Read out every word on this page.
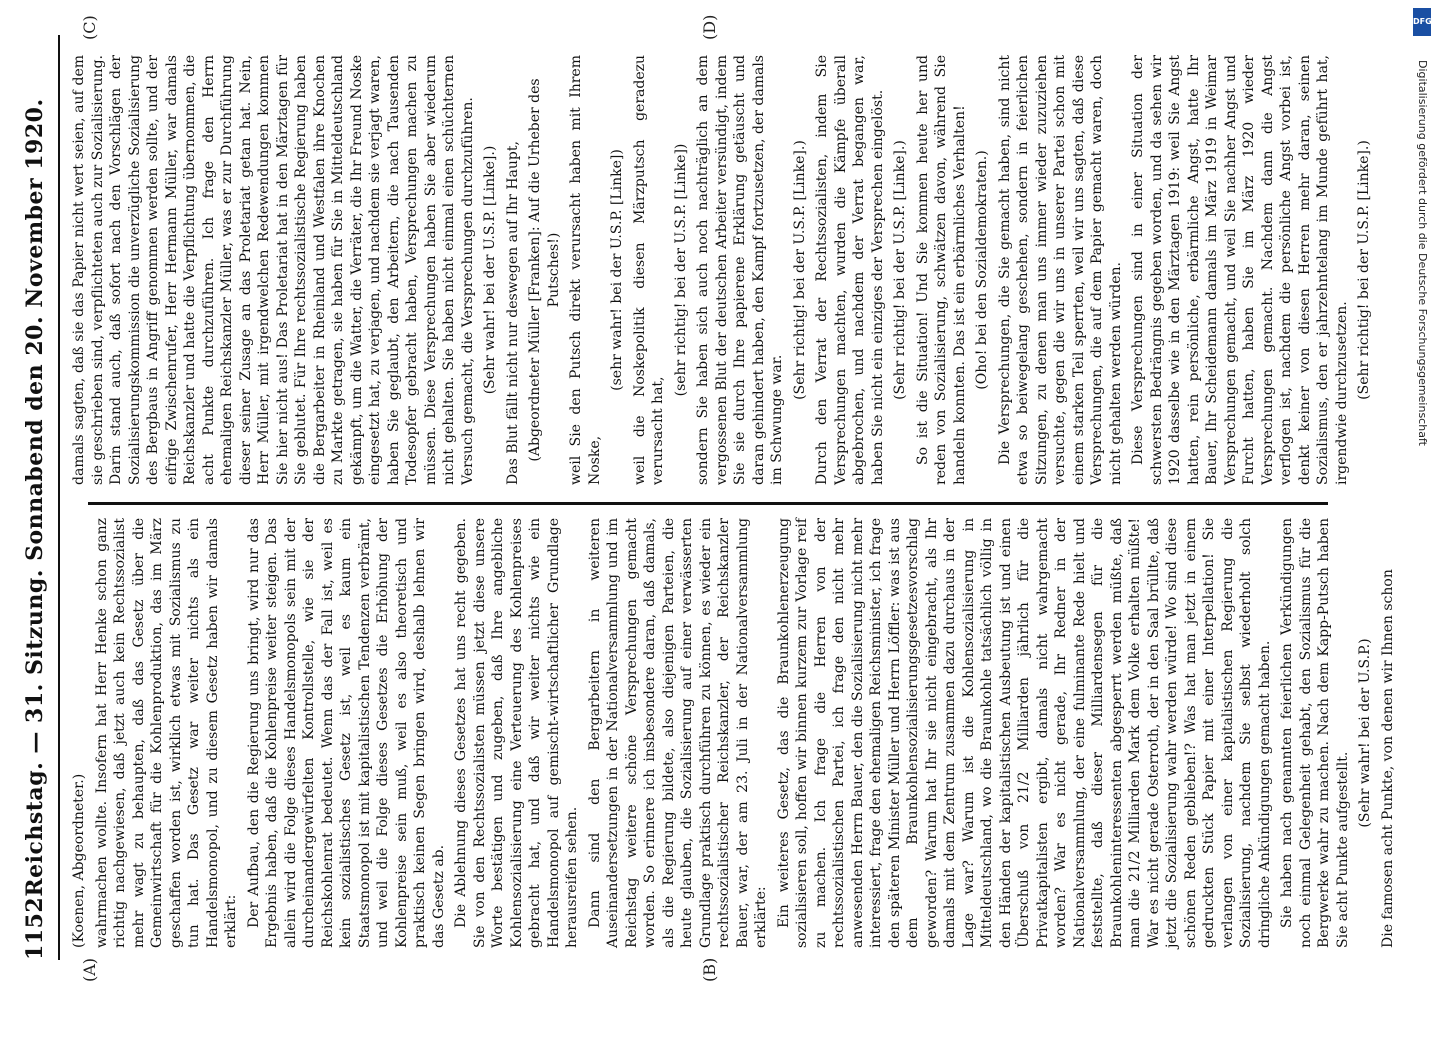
1152
Reichstag. — 31. Sitzung. Sonnabend den 20. November 1920.
(A)	(B)
(C)	(D)

(Koenen, Abgeordneter.) wahrmachen wollte. Insofern hat Herr Henke schon ganz richtig nachgewiesen, daß jetzt auch kein Rechtssozialist mehr wagt zu behaupten, daß das Gesetz über die Gemeinwirtschaft für die Kohlenproduktion, das im März geschaffen worden ist, wirklich etwas mit Sozialismus zu tun hat. Das Gesetz war weiter nichts als ein Handelsmonopol, und zu diesem Gesetz haben wir damals erklärt: Der Aufbau, den die Regierung uns bringt, wird nur das Ergebnis haben, daß die Kohlenpreise weiter steigen. Das allein wird die Folge dieses Handelsmonopols sein mit der durcheinandergewürfelten Kontrollstelle, wie sie der Reichskohlenrat bedeutet. Wenn das der Fall ist, weil es kein sozialistisches Gesetz ist, weil es kaum ein Staatsmonopol ist mit kapitalistischen Tendenzen verbrämt, und weil die Folge dieses Gesetzes die Erhöhung der Kohlenpreise sein muß, weil es also theoretisch und praktisch keinen Segen bringen wird, deshalb lehnen wir das Gesetz ab. Die Ablehnung dieses Gesetzes hat uns recht gegeben. Sie von den Rechtssozialisten müssen jetzt diese unsere Worte bestätigen und zugeben, daß Ihre angebliche Kohlensozialisierung eine Verteuerung des Kohlenpreises gebracht hat, und daß wir weiter nichts wie ein Handelsmonopol auf gemischt-wirtschaftlicher Grundlage herausreifen sehen. Dann sind den Bergarbeitern in weiteren Auseinandersetzungen in der Nationalversammlung und im Reichstag weitere schöne Versprechungen gemacht worden. So erinnere ich insbesondere daran, daß damals, als die Regierung bildete, also diejenigen Parteien, die heute glauben, die Sozialisierung auf einer verwässerten Grundlage praktisch durchführen zu können, es wieder ein rechtssozialistischer Reichskanzler, der Reichskanzler Bauer, war, der am 23. Juli in der Nationalversammlung erklärte: Ein weiteres Gesetz, das die Braunkohlenerzeugung sozialisieren soll, hoffen wir binnen kurzem zur Vorlage reif zu machen. Ich frage die Herren von der rechtssozialistischen Partei, ich frage den nicht mehr anwesenden Herrn Bauer, den die Sozialisierung nicht mehr interessiert, frage den ehemaligen Reichsminister, ich frage den späteren Minister Müller und Herrn Löffler: was ist aus dem Braunkohlensozialisierungsgesetzesvorschlag geworden? Warum hat Ihr sie nicht eingebracht, als Ihr damals mit dem Zentrum zusammen dazu durchaus in der Lage war? Warum ist die Kohlensozialisierung in Mitteldeutschland, wo die Braunkohle tatsächlich völlig in den Händen der kapitalistischen Ausbeutung ist und einen Überschuß von 21/2 Milliarden jährlich für die Privatkapitalisten ergibt, damals nicht wahrgemacht worden? War es nicht gerade, Ihr Redner in der Nationalversammlung, der eine fulminante Rede hielt und feststellte, daß dieser Milliardensegen für die Braunkohleninteressenten abgesperrt werden müßte, daß man die 21/2 Milliarden Mark dem Volke erhalten müßte! War es nicht gerade Osterroth, der in den Saal brüllte, daß jetzt die Sozialisierung wahr werden würde! Wo sind diese schönen Reden geblieben!? Was hat man jetzt in einem gedruckten Stück Papier mit einer Interpellation! Sie verlangen von einer kapitalistischen Regierung die Sozialisierung, nachdem Sie selbst wiederholt solch dringliche Ankündigungen gemacht haben. Sie haben nach genannten feierlichen Verkündigungen noch einmal Gelegenheit gehabt, den Sozialismus für die Bergwerke wahr zu machen. Nach dem Kapp-Putsch haben Sie acht Punkte aufgestellt.

(Sehr wahr! bei der U.S.P.) Die famosen acht Punkte, von denen wir Ihnen schon

damals sagten, daß sie das Papier nicht wert seien, auf dem sie geschrieben sind, verpflichteten auch zur Sozialisierung. Darin stand auch, daß sofort nach den Vorschlägen der Sozialisierungskommission die unverzügliche Sozialisierung des Bergbaus in Angriff genommen werden sollte, und der eifrige Zwischenrufer, Herr Hermann Müller, war damals Reichskanzler und hatte die Verpflichtung übernommen, die acht Punkte durchzuführen. Ich frage den Herrn ehemaligen Reichskanzler Müller, was er zur Durchführung dieser seiner Zusage an das Proletariat getan hat. Nein, Herr Müller, mit irgendwelchen Redewendungen kommen Sie hier nicht aus! Das Proletariat hat in den Märztagen für Sie geblutet. Für Ihre rechtssozialistische Regierung haben die Bergarbeiter in Rheinland und Westfalen ihre Knochen zu Markte getragen, sie haben für Sie in Mitteldeutschland gekämpft, um die Watter, die Verräter, die Ihr Freund Noske eingesetzt hat, zu verjagen, und nachdem sie verjagt waren, haben Sie geglaubt, den Arbeitern, die nach Tausenden Todesopfer gebracht haben, Versprechungen machen zu müssen. Diese Versprechungen haben Sie aber wiederum nicht gehalten. Sie haben nicht einmal einen schüchternen Versuch gemacht, die Versprechungen durchzuführen. (Sehr wahr! bei der U.S.P. [Linke].) Das Blut fällt nicht nur deswegen auf Ihr Haupt, (Abgeordneter Müller [Franken]: Auf die Urheber des Putsches!) weil Sie den Putsch direkt verursacht haben mit Ihrem Noske,

(sehr wahr! bei der U.S.P. [Linke]) weil die Noskepolitik diesen Märzputsch geradezu verursacht hat,

(sehr richtig! bei der U.S.P. [Linke]) sondern Sie haben sich auch noch nachträglich an dem vergossenen Blut der deutschen Arbeiter versündigt, indem Sie sie durch Ihre papierene Erklärung getäuscht und daran gehindert haben, den Kampf fortzusetzen, der damals im Schwunge war.

(Sehr richtig! bei der U.S.P. [Linke].) Durch den Verrat der Rechtssozialisten, indem Sie Versprechungen machten, wurden die Kämpfe überall abgebrochen, und nachdem der Verrat begangen war, haben Sie nicht ein einziges der Versprechen eingelöst. (Sehr richtig! bei der U.S.P. [Linke].) So ist die Situation! Und Sie kommen heute her und reden von Sozialisierung, schwätzen davon, während Sie handeln konnten. Das ist ein erbärmliches Verhalten! (Oho! bei den Sozialdemokraten.) Die Versprechungen, die Sie gemacht haben, sind nicht etwa so beiwegelang geschehen, sondern in feierlichen Sitzungen, zu denen man uns immer wieder zuzuziehen versuchte, gegen die wir uns in unserer Partei schon mit einem starken Teil sperrten, weil wir uns sagten, daß diese Versprechungen, die auf dem Papier gemacht waren, doch nicht gehalten werden würden. Diese Versprechungen sind in einer Situation der schwersten Bedrängnis gegeben worden, und da sehen wir 1920 dasselbe wie in den Märztagen 1919: weil Sie Angst hatten, rein persönliche, erbärmliche Angst, hatte Ihr Bauer, Ihr Scheidemann damals im März 1919 in Weimar Versprechungen gemacht, und weil Sie nachher Angst und Furcht hatten, haben Sie im März 1920 wieder Versprechungen gemacht. Nachdem dann die Angst verflogen ist, nachdem die persönliche Angst vorbei ist, denkt keiner von diesen Herren mehr daran, seinen Sozialismus, den er jahrzehntelang im Munde geführt hat, irgendwie durchzusetzen. (Sehr richtig! bei der U.S.P. [Linke].)

DFG
Digitalisierung gefördert durch die Deutsche Forschungsgemeinschaft
